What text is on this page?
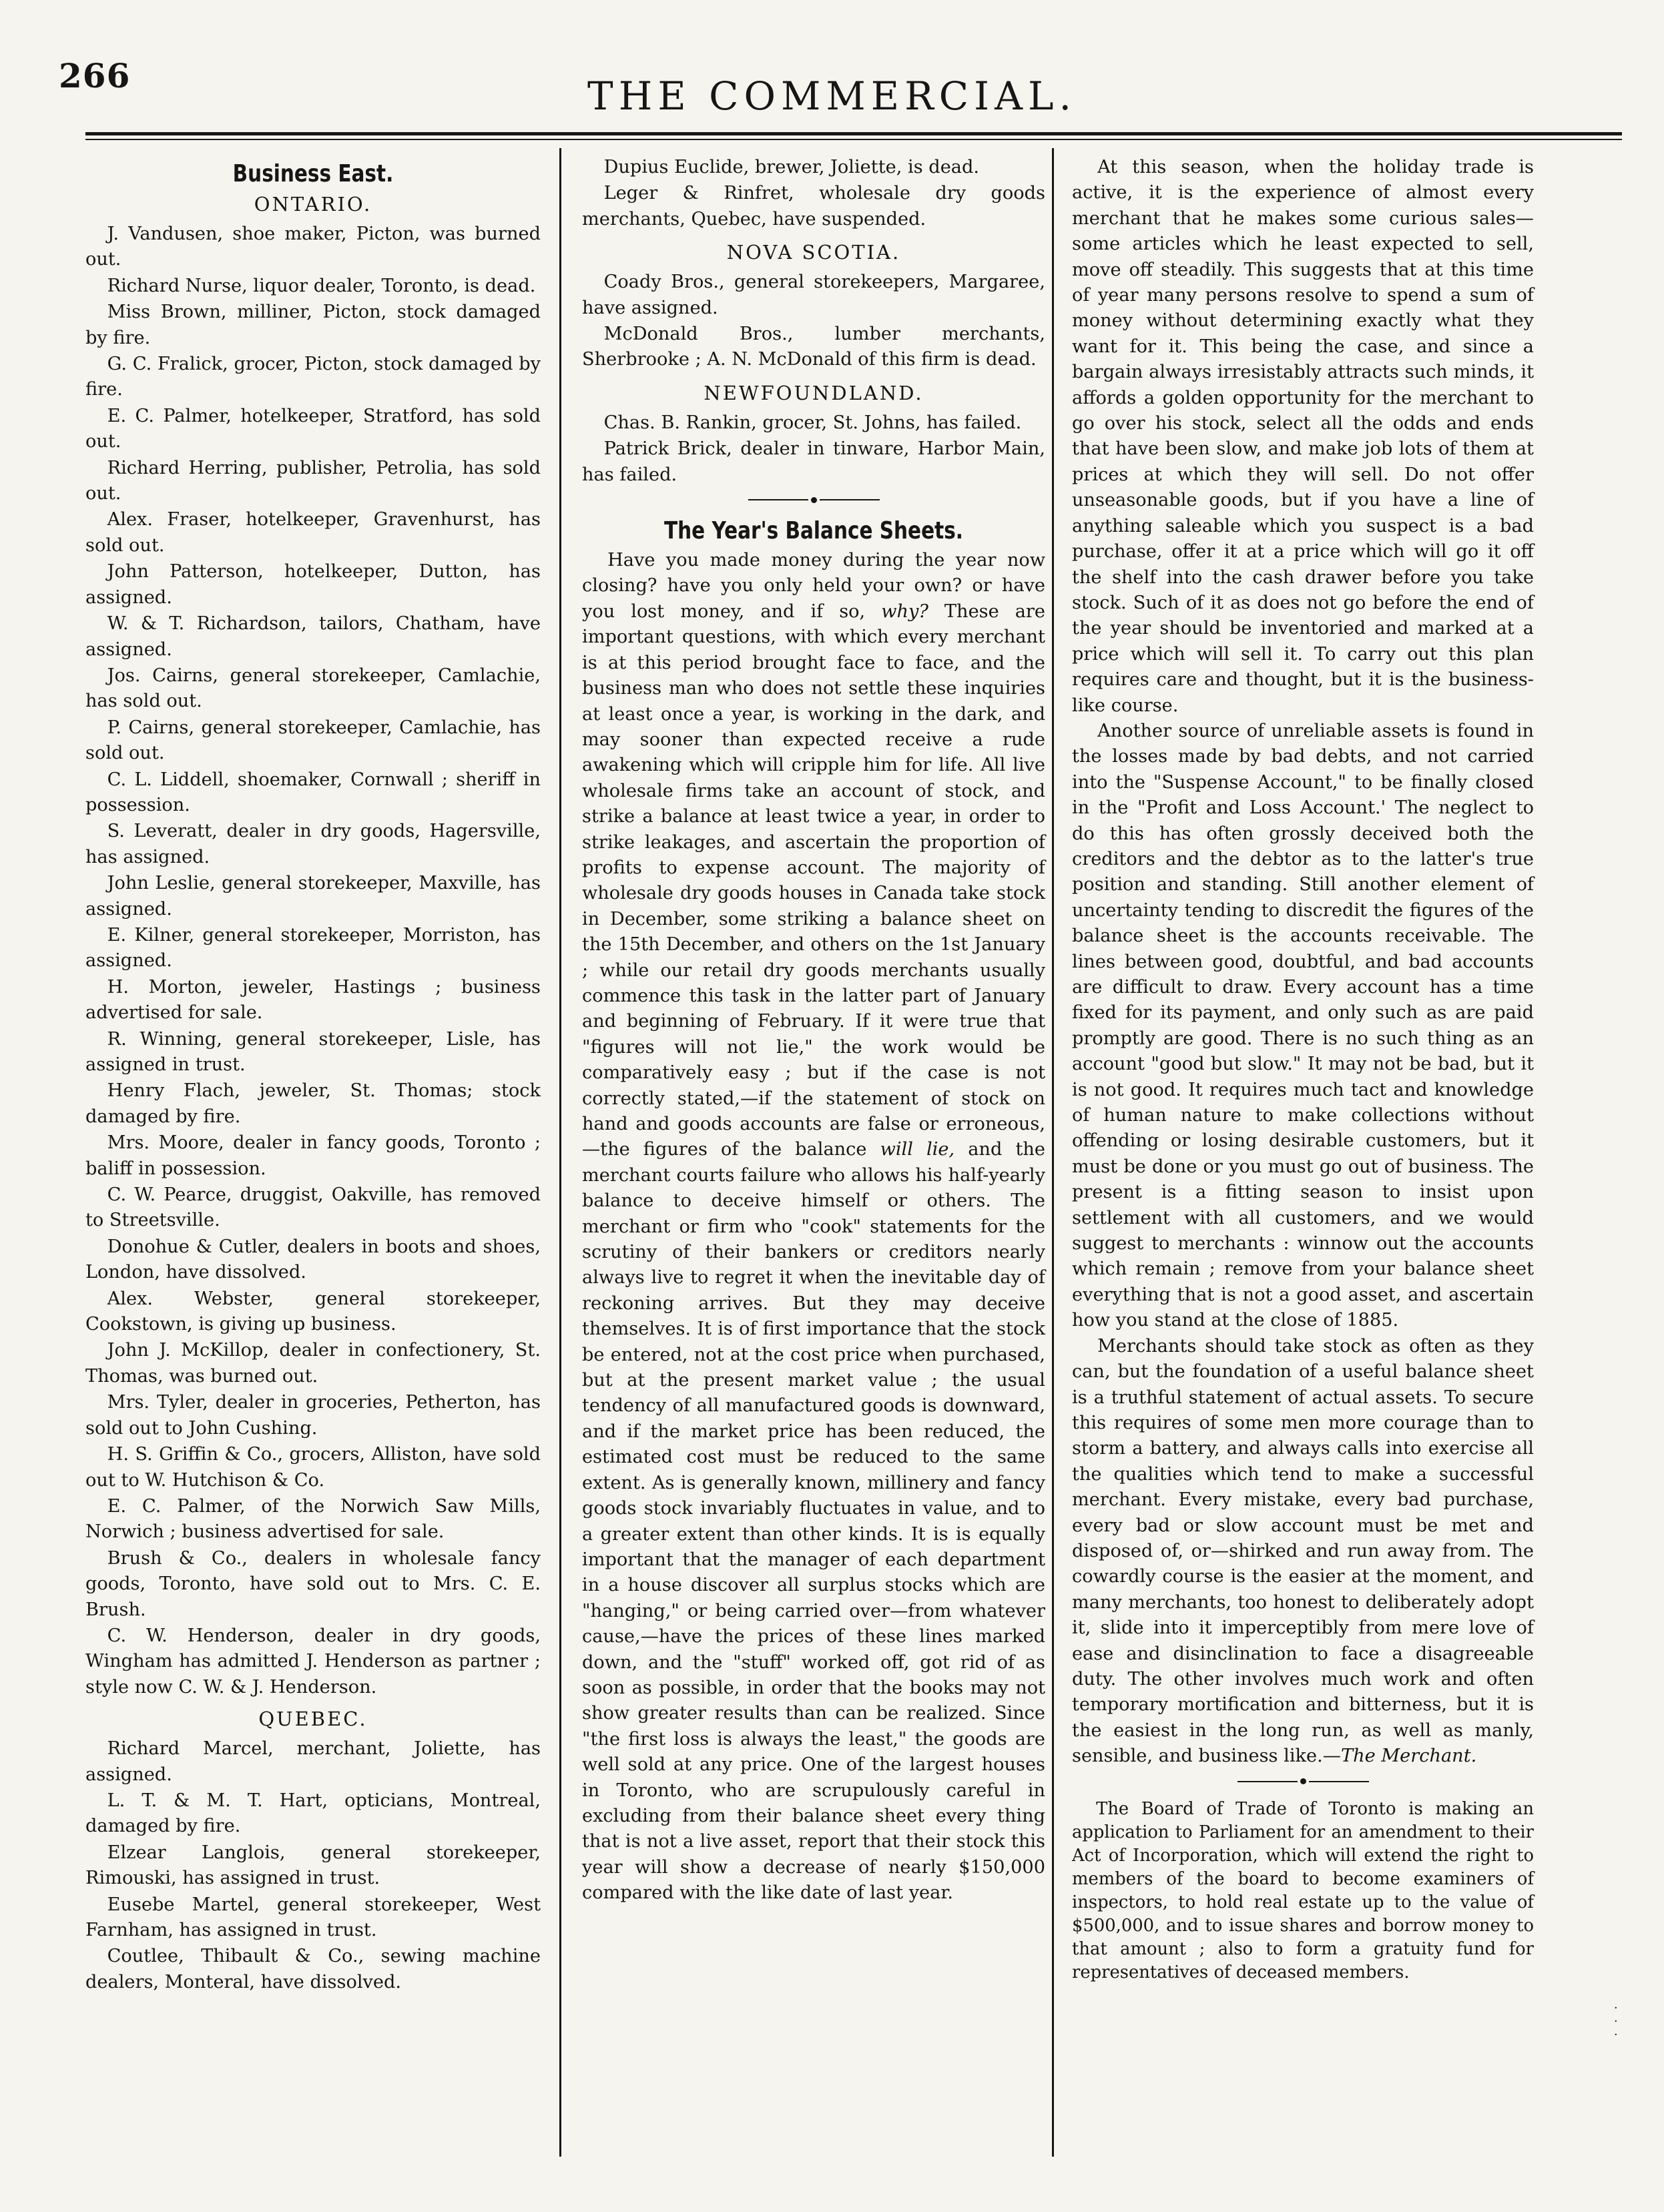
266	THE COMMERCIAL.
Business East.
ONTARIO.

J. Vandusen, shoe maker, Picton, was burned out.

Richard Nurse, liquor dealer, Toronto, is dead.

Miss Brown, milliner, Picton, stock damaged by fire.

G. C. Fralick, grocer, Picton, stock damaged by fire.

E. C. Palmer, hotelkeeper, Stratford, has sold out.

Richard Herring, publisher, Petrolia, has sold out.

Alex. Fraser, hotelkeeper, Gravenhurst, has sold out.

John Patterson, hotelkeeper, Dutton, has assigned.

W. & T. Richardson, tailors, Chatham, have assigned.

Jos. Cairns, general storekeeper, Camlachie, has sold out.

P. Cairns, general storekeeper, Camlachie, has sold out.

C. L. Liddell, shoemaker, Cornwall ; sheriff in possession.

S. Leveratt, dealer in dry goods, Hagersville, has assigned.

John Leslie, general storekeeper, Maxville, has assigned.

E. Kilner, general storekeeper, Morriston, has assigned.

H. Morton, jeweler, Hastings ; business advertised for sale.

R. Winning, general storekeeper, Lisle, has assigned in trust.

Henry Flach, jeweler, St. Thomas; stock damaged by fire.

Mrs. Moore, dealer in fancy goods, Toronto ; baliff in possession.

C. W. Pearce, druggist, Oakville, has removed to Streetsville.

Donohue & Cutler, dealers in boots and shoes, London, have dissolved.

Alex. Webster, general storekeeper, Cookstown, is giving up business.

John J. McKillop, dealer in confectionery, St. Thomas, was burned out.

Mrs. Tyler, dealer in groceries, Petherton, has sold out to John Cushing.

H. S. Griffin & Co., grocers, Alliston, have sold out to W. Hutchison & Co.

E. C. Palmer, of the Norwich Saw Mills, Norwich ; business advertised for sale.

Brush & Co., dealers in wholesale fancy goods, Toronto, have sold out to Mrs. C. E. Brush.

C. W. Henderson, dealer in dry goods, Wingham has admitted J. Henderson as partner ; style now C. W. & J. Henderson.

QUEBEC.

Richard Marcel, merchant, Joliette, has assigned.

L. T. & M. T. Hart, opticians, Montreal, damaged by fire.

Elzear Langlois, general storekeeper, Rimouski, has assigned in trust.

Eusebe Martel, general storekeeper, West Farnham, has assigned in trust.

Coutlee, Thibault & Co., sewing machine dealers, Monteral, have dissolved.

Dupius Euclide, brewer, Joliette, is dead.

Leger & Rinfret, wholesale dry goods merchants, Quebec, have suspended.

NOVA SCOTIA.

Coady Bros., general storekeepers, Margaree, have assigned.

McDonald Bros., lumber merchants, Sherbrooke ; A. N. McDonald of this firm is dead.

NEWFOUNDLAND.

Chas. B. Rankin, grocer, St. Johns, has failed.

Patrick Brick, dealer in tinware, Harbor Main, has failed.

The Year's Balance Sheets.

Have you made money during the year now closing? have you only held your own? or have you lost money, and if so, why? These are important questions, with which every merchant is at this period brought face to face, and the business man who does not settle these inquiries at least once a year, is working in the dark, and may sooner than expected receive a rude awakening which will cripple him for life. All live wholesale firms take an account of stock, and strike a balance at least twice a year, in order to strike leakages, and ascertain the proportion of profits to expense account. The majority of wholesale dry goods houses in Canada take stock in December, some striking a balance sheet on the 15th December, and others on the 1st January ; while our retail dry goods merchants usually commence this task in the latter part of January and beginning of February. If it were true that "figures will not lie," the work would be comparatively easy ; but if the case is not correctly stated,—if the statement of stock on hand and goods accounts are false or erroneous,—the figures of the balance will lie, and the merchant courts failure who allows his half-yearly balance to deceive himself or others. The merchant or firm who "cook" statements for the scrutiny of their bankers or creditors nearly always live to regret it when the inevitable day of reckoning arrives. But they may deceive themselves. It is of first importance that the stock be entered, not at the cost price when purchased, but at the present market value ; the usual tendency of all manufactured goods is downward, and if the market price has been reduced, the estimated cost must be reduced to the same extent. As is generally known, millinery and fancy goods stock invariably fluctuates in value, and to a greater extent than other kinds. It is is equally important that the manager of each department in a house discover all surplus stocks which are "hanging," or being carried over—from whatever cause,—have the prices of these lines marked down, and the "stuff" worked off, got rid of as soon as possible, in order that the books may not show greater results than can be realized. Since "the first loss is always the least," the goods are well sold at any price. One of the largest houses in Toronto, who are scrupulously careful in excluding from their balance sheet every thing that is not a live asset, report that their stock this year will show a decrease of nearly $150,000 compared with the like date of last year.

At this season, when the holiday trade is active, it is the experience of almost every merchant that he makes some curious sales—some articles which he least expected to sell, move off steadily. This suggests that at this time of year many persons resolve to spend a sum of money without determining exactly what they want for it. This being the case, and since a bargain always irresistably attracts such minds, it affords a golden opportunity for the merchant to go over his stock, select all the odds and ends that have been slow, and make job lots of them at prices at which they will sell. Do not offer unseasonable goods, but if you have a line of anything saleable which you suspect is a bad purchase, offer it at a price which will go it off the shelf into the cash drawer before you take stock. Such of it as does not go before the end of the year should be inventoried and marked at a price which will sell it. To carry out this plan requires care and thought, but it is the business-like course.

Another source of unreliable assets is found in the losses made by bad debts, and not carried into the "Suspense Account," to be finally closed in the "Profit and Loss Account.' The neglect to do this has often grossly deceived both the creditors and the debtor as to the latter's true position and standing. Still another element of uncertainty tending to discredit the figures of the balance sheet is the accounts receivable. The lines between good, doubtful, and bad accounts are difficult to draw. Every account has a time fixed for its payment, and only such as are paid promptly are good. There is no such thing as an account "good but slow." It may not be bad, but it is not good. It requires much tact and knowledge of human nature to make collections without offending or losing desirable customers, but it must be done or you must go out of business. The present is a fitting season to insist upon settlement with all customers, and we would suggest to merchants : winnow out the accounts which remain ; remove from your balance sheet everything that is not a good asset, and ascertain how you stand at the close of 1885.

Merchants should take stock as often as they can, but the foundation of a useful balance sheet is a truthful statement of actual assets. To secure this requires of some men more courage than to storm a battery, and always calls into exercise all the qualities which tend to make a successful merchant. Every mistake, every bad purchase, every bad or slow account must be met and disposed of, or—shirked and run away from. The cowardly course is the easier at the moment, and many merchants, too honest to deliberately adopt it, slide into it imperceptibly from mere love of ease and disinclination to face a disagreeable duty. The other involves much work and often temporary mortification and bitterness, but it is the easiest in the long run, as well as manly, sensible, and business like.—The Merchant.

The Board of Trade of Toronto is making an application to Parliament for an amendment to their Act of Incorporation, which will extend the right to members of the board to become examiners of inspectors, to hold real estate up to the value of $500,000, and to issue shares and borrow money to that amount ; also to form a gratuity fund for representatives of deceased members.

·
·
·
